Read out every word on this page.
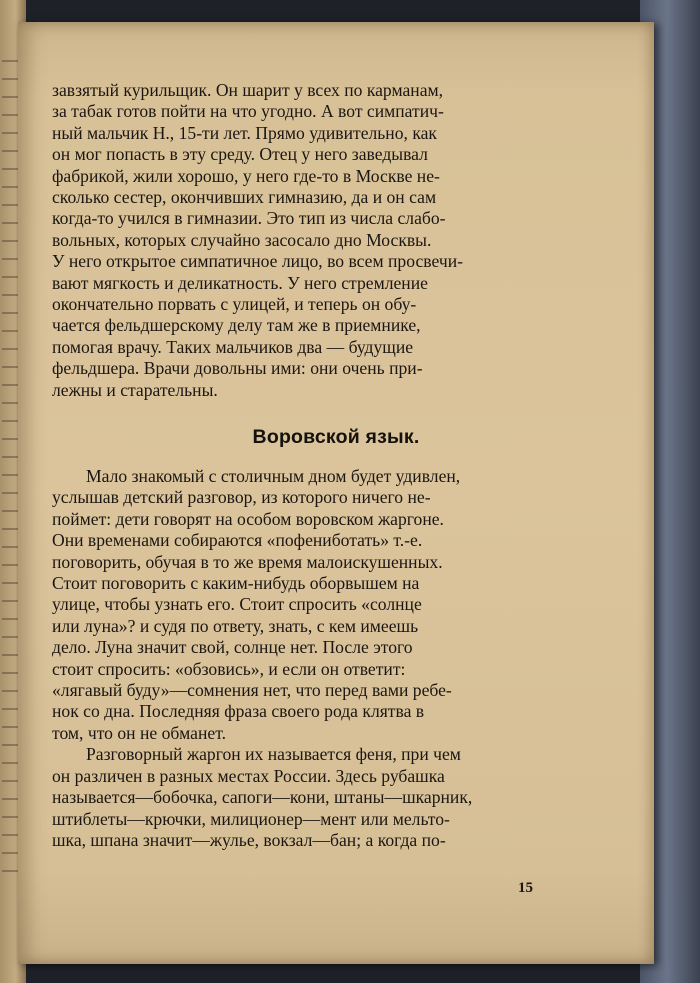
завзятый курильщик. Он шарит у всех по карманам,
за табак готов пойти на что угодно. А вот симпатич-
ный мальчик Н., 15-ти лет. Прямо удивительно, как
он мог попасть в эту среду. Отец у него заведывал
фабрикой, жили хорошо, у него где-то в Москве не-
сколько сестер, окончивших гимназию, да и он сам
когда-то учился в гимназии. Это тип из числа слабо-
вольных, которых случайно засосало дно Москвы.
У него открытое симпатичное лицо, во всем просвечи-
вают мягкость и деликатность. У него стремление
окончательно порвать с улицей, и теперь он обу-
чается фельдшерскому делу там же в приемнике,
помогая врачу. Таких мальчиков два — будущие
фельдшера. Врачи довольны ими: они очень при-
лежны и старательны.
Воровской язык.
Мало знакомый с столичным дном будет удивлен,
услышав детский разговор, из которого ничего не-
поймет: дети говорят на особом воровском жаргоне.
Они временами собираются «пофениботать» т.-е.
поговорить, обучая в то же время малоискушенных.
Стоит поговорить с каким-нибудь оборвышем на
улице, чтобы узнать его. Стоит спросить «солнце
или луна»? и судя по ответу, знать, с кем имеешь
дело. Луна значит свой, солнце нет. После этого
стоит спросить: «обзовись», и если он ответит:
«лягавый буду»—сомнения нет, что перед вами ребе-
нок со дна. Последняя фраза своего рода клятва в
том, что он не обманет.
Разговорный жаргон их называется феня, при чем
он различен в разных местах России. Здесь рубашка
называется—бобочка, сапоги—кони, штаны—шкарник,
штиблеты—крючки, милиционер—мент или мельто-
шка, шпана значит—жулье, вокзал—бан; а когда по-
15
